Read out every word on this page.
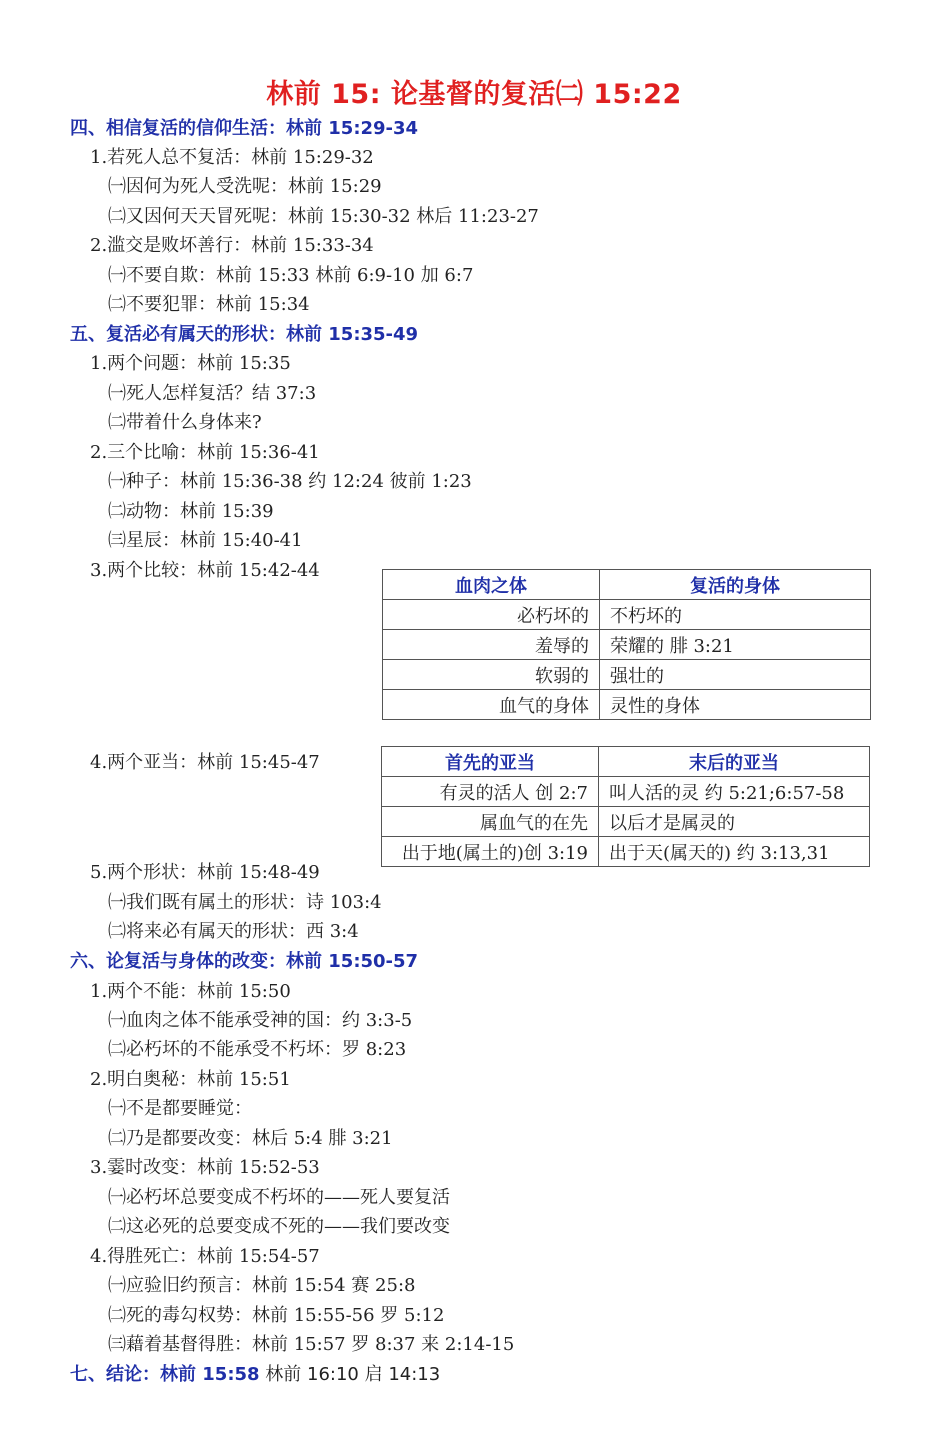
林前 15: 论基督的复活㈡ 15:22
四、相信复活的信仰生活：林前 15:29-34
1.若死人总不复活：林前 15:29-32
㈠因何为死人受洗呢：林前 15:29
㈡又因何天天冒死呢：林前 15:30-32 林后 11:23-27
2.滥交是败坏善行：林前 15:33-34
㈠不要自欺：林前 15:33 林前 6:9-10 加 6:7
㈡不要犯罪：林前 15:34
五、复活必有属天的形状：林前 15:35-49
1.两个问题：林前 15:35
㈠死人怎样复活？结 37:3
㈡带着什么身体来?
2.三个比喻：林前 15:36-41
㈠种子：林前 15:36-38 约 12:24 彼前 1:23
㈡动物：林前 15:39
㈢星辰：林前 15:40-41
3.两个比较：林前 15:42-44
4.两个亚当：林前 15:45-47
5.两个形状：林前 15:48-49
㈠我们既有属土的形状：诗 103:4
㈡将来必有属天的形状：西 3:4
六、论复活与身体的改变：林前 15:50-57
1.两个不能：林前 15:50
㈠血肉之体不能承受神的国：约 3:3-5
㈡必朽坏的不能承受不朽坏：罗 8:23
2.明白奥秘：林前 15:51
㈠不是都要睡觉：
㈡乃是都要改变：林后 5:4 腓 3:21
3.霎时改变：林前 15:52-53
㈠必朽坏总要变成不朽坏的——死人要复活
㈡这必死的总要变成不死的——我们要改变
4.得胜死亡：林前 15:54-57
㈠应验旧约预言：林前 15:54 赛 25:8
㈡死的毒勾权势：林前 15:55-56 罗 5:12
㈢藉着基督得胜：林前 15:57 罗 8:37 来 2:14-15
七、结论：林前 15:58 林前 16:10 启 14:13
血肉之体	复活的身体
必朽坏的	不朽坏的
羞辱的	荣耀的 腓 3:21
软弱的	强壮的
血气的身体	灵性的身体
首先的亚当	末后的亚当
有灵的活人 创 2:7	叫人活的灵 约 5:21;6:57-58
属血气的在先	以后才是属灵的
出于地(属土的)创 3:19	出于天(属天的) 约 3:13,31
